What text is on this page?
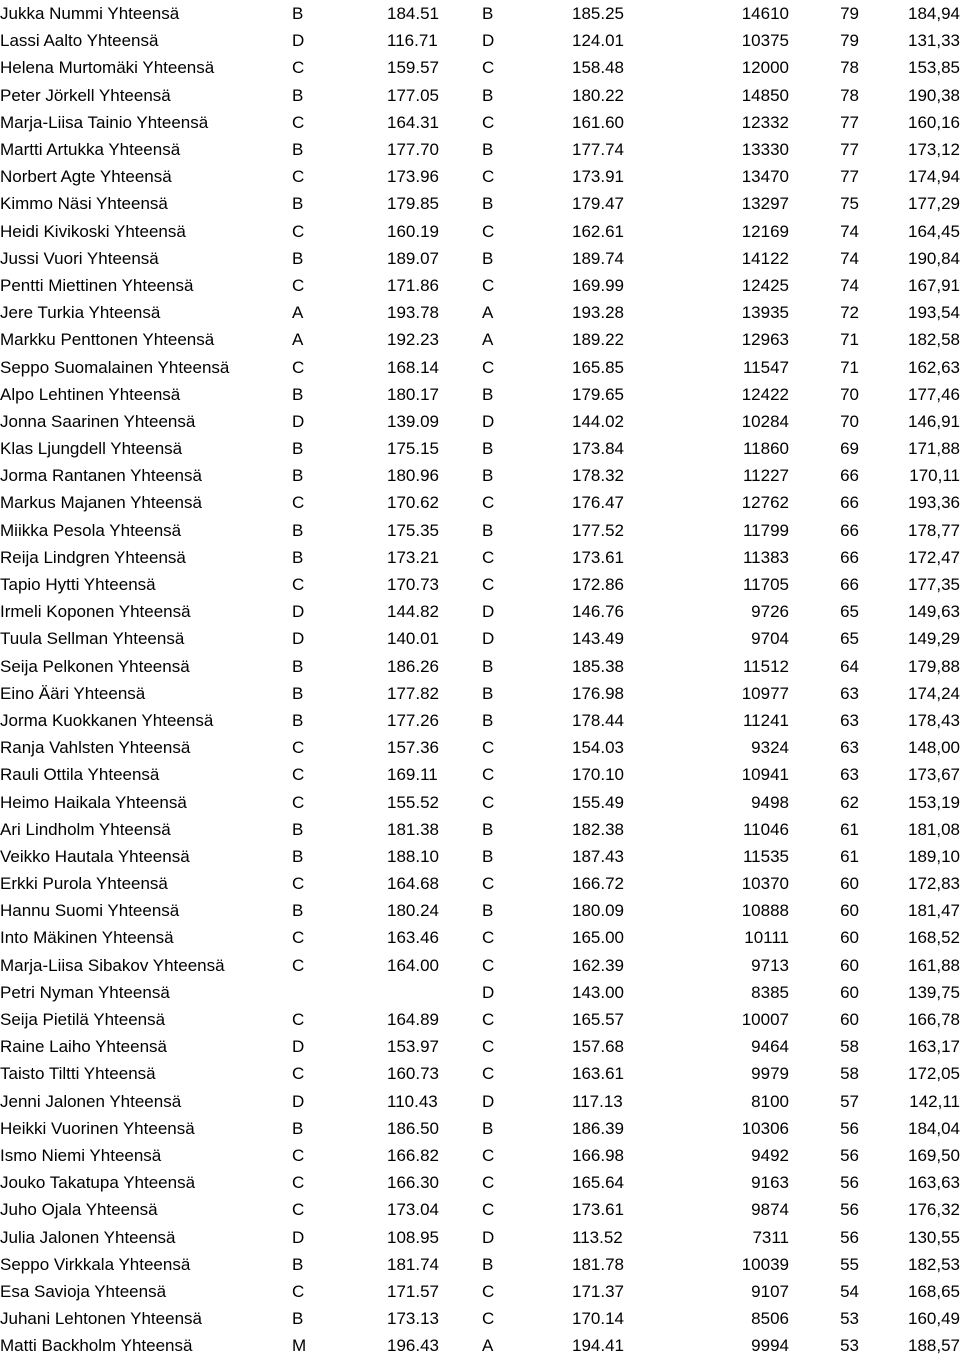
Jukka Nummi Yhteensä	B	184.51	B	185.25	14610	79	184,94
Lassi Aalto Yhteensä	D	116.71	D	124.01	10375	79	131,33
Helena Murtomäki Yhteensä	C	159.57	C	158.48	12000	78	153,85
Peter Jörkell Yhteensä	B	177.05	B	180.22	14850	78	190,38
Marja-Liisa Tainio Yhteensä	C	164.31	C	161.60	12332	77	160,16
Martti Artukka Yhteensä	B	177.70	B	177.74	13330	77	173,12
Norbert Agte Yhteensä	C	173.96	C	173.91	13470	77	174,94
Kimmo Näsi Yhteensä	B	179.85	B	179.47	13297	75	177,29
Heidi Kivikoski Yhteensä	C	160.19	C	162.61	12169	74	164,45
Jussi Vuori Yhteensä	B	189.07	B	189.74	14122	74	190,84
Pentti Miettinen Yhteensä	C	171.86	C	169.99	12425	74	167,91
Jere Turkia Yhteensä	A	193.78	A	193.28	13935	72	193,54
Markku Penttonen Yhteensä	A	192.23	A	189.22	12963	71	182,58
Seppo Suomalainen Yhteensä	C	168.14	C	165.85	11547	71	162,63
Alpo Lehtinen Yhteensä	B	180.17	B	179.65	12422	70	177,46
Jonna Saarinen Yhteensä	D	139.09	D	144.02	10284	70	146,91
Klas Ljungdell Yhteensä	B	175.15	B	173.84	11860	69	171,88
Jorma Rantanen Yhteensä	B	180.96	B	178.32	11227	66	170,11
Markus Majanen Yhteensä	C	170.62	C	176.47	12762	66	193,36
Miikka Pesola Yhteensä	B	175.35	B	177.52	11799	66	178,77
Reija Lindgren Yhteensä	B	173.21	C	173.61	11383	66	172,47
Tapio Hytti Yhteensä	C	170.73	C	172.86	11705	66	177,35
Irmeli Koponen Yhteensä	D	144.82	D	146.76	9726	65	149,63
Tuula Sellman Yhteensä	D	140.01	D	143.49	9704	65	149,29
Seija Pelkonen Yhteensä	B	186.26	B	185.38	11512	64	179,88
Eino Ääri Yhteensä	B	177.82	B	176.98	10977	63	174,24
Jorma Kuokkanen Yhteensä	B	177.26	B	178.44	11241	63	178,43
Ranja Vahlsten Yhteensä	C	157.36	C	154.03	9324	63	148,00
Rauli Ottila Yhteensä	C	169.11	C	170.10	10941	63	173,67
Heimo Haikala Yhteensä	C	155.52	C	155.49	9498	62	153,19
Ari Lindholm Yhteensä	B	181.38	B	182.38	11046	61	181,08
Veikko Hautala Yhteensä	B	188.10	B	187.43	11535	61	189,10
Erkki Purola Yhteensä	C	164.68	C	166.72	10370	60	172,83
Hannu Suomi Yhteensä	B	180.24	B	180.09	10888	60	181,47
Into Mäkinen Yhteensä	C	163.46	C	165.00	10111	60	168,52
Marja-Liisa Sibakov Yhteensä	C	164.00	C	162.39	9713	60	161,88
Petri Nyman Yhteensä			D	143.00	8385	60	139,75
Seija Pietilä Yhteensä	C	164.89	C	165.57	10007	60	166,78
Raine Laiho Yhteensä	D	153.97	C	157.68	9464	58	163,17
Taisto Tiltti Yhteensä	C	160.73	C	163.61	9979	58	172,05
Jenni Jalonen Yhteensä	D	110.43	D	117.13	8100	57	142,11
Heikki Vuorinen Yhteensä	B	186.50	B	186.39	10306	56	184,04
Ismo Niemi Yhteensä	C	166.82	C	166.98	9492	56	169,50
Jouko Takatupa Yhteensä	C	166.30	C	165.64	9163	56	163,63
Juho Ojala Yhteensä	C	173.04	C	173.61	9874	56	176,32
Julia Jalonen Yhteensä	D	108.95	D	113.52	7311	56	130,55
Seppo Virkkala Yhteensä	B	181.74	B	181.78	10039	55	182,53
Esa Savioja Yhteensä	C	171.57	C	171.37	9107	54	168,65
Juhani Lehtonen Yhteensä	B	173.13	C	170.14	8506	53	160,49
Matti Backholm Yhteensä	M	196.43	A	194.41	9994	53	188,57
